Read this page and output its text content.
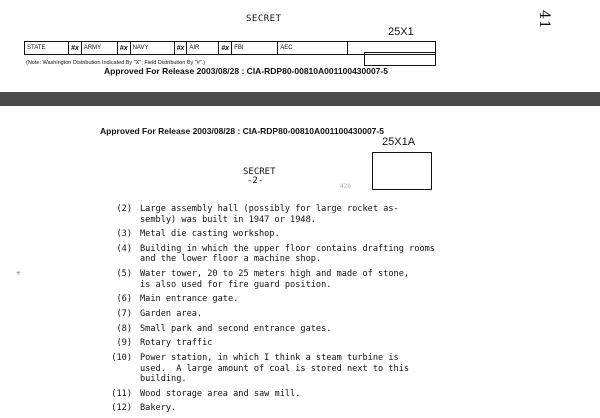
SECRET
25X1
41
STATE	#x ARMY	#x NAVY	#x AIR	#x FBI	AEC
(Note: Washington Distribution Indicated By "X"; Field Distribution By "#".)
Approved For Release 2003/08/28 : CIA-RDP80-00810A001100430007-5
Approved For Release 2003/08/28 : CIA-RDP80-00810A001100430007-5
25X1A
SECRET
-2-
420
✳
(2) Large assembly hall (possibly for large rocket as-
sembly) was built in 1947 or 1948.
(3) Metal die casting workshop.
(4) Building in which the upper floor contains drafting rooms
and the lower floor a machine shop.
(5) Water tower, 20 to 25 meters high and made of stone,
is also used for fire guard position.
(6) Main entrance gate.
(7) Garden area.
(8) Small park and second entrance gates.
(9) Rotary traffic
(10) Power station, in which I think a steam turbine is
used.  A large amount of coal is stored next to this
building.
(11) Wood storage area and saw mill.
(12) Bakery.
